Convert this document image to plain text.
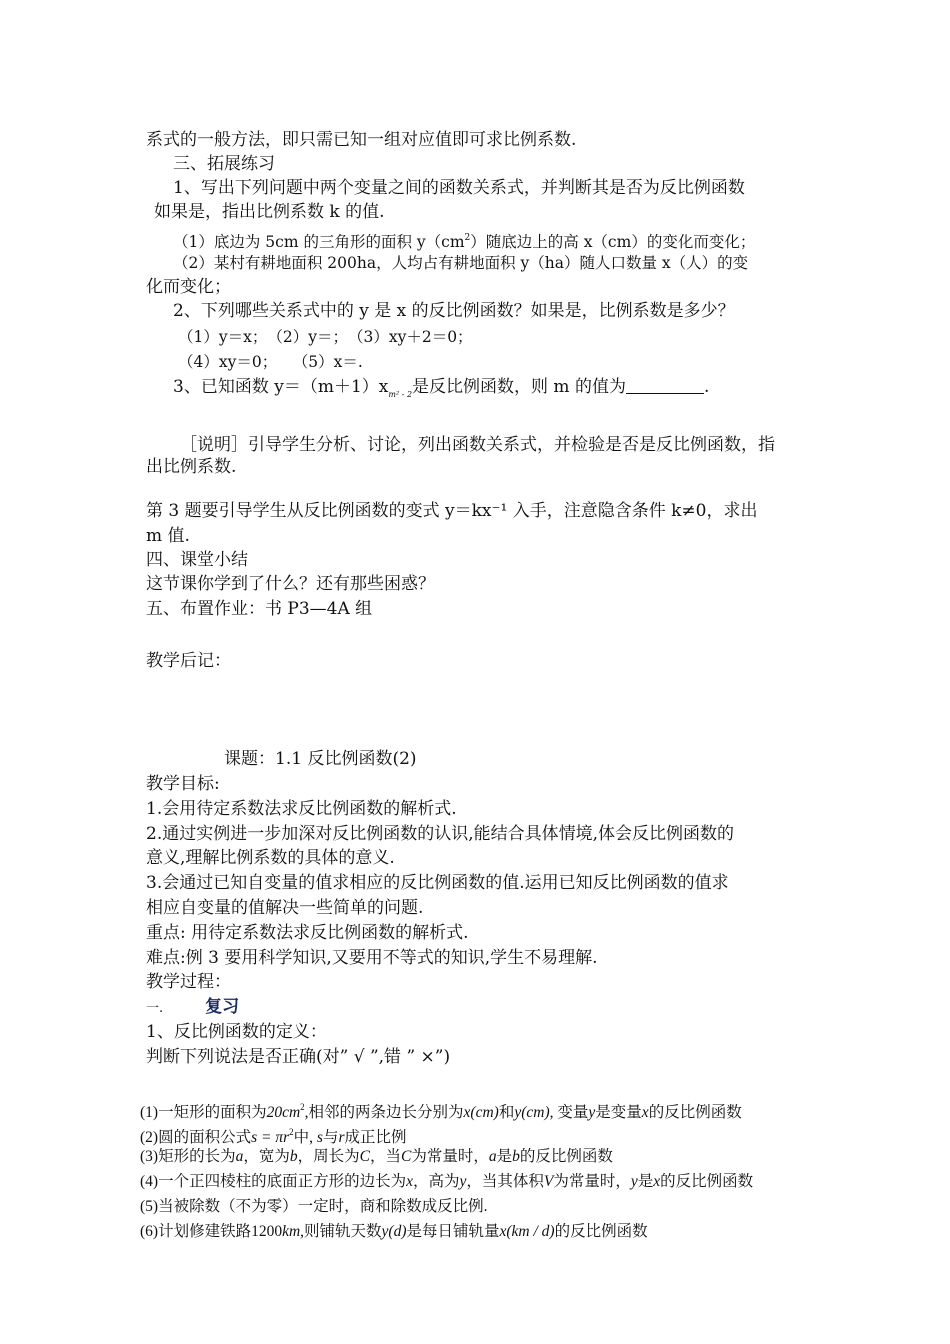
系式的一般方法，即只需已知一组对应值即可求比例系数.
三、拓展练习
1、写出下列问题中两个变量之间的函数关系式，并判断其是否为反比例函数
如果是，指出比例系数 k 的值.
（1）底边为 5cm 的三角形的面积 $y(cm^2)$随底边上的高 x（cm）的变化而变化；
（2）某村有耕地面积 200ha，人均占有耕地面积 y（ha）随人口数量 x（人）的变
化而变化；
2、下列哪些关系式中的 y 是 x 的反比例函数？如果是，比例系数是多少？
（1）y＝x；　（2）y＝；　（3）xy＋2＝0；
（4）xy＝0；　　（5）x＝.
3、已知函数 $y=(m+1)x_{m^2 - 2}$是反比例函数，则 m 的值为	.
［说明］引导学生分析、讨论，列出函数关系式，并检验是否是反比例函数，指
出比例系数.
第 3 题要引导学生从反比例函数的变式 y＝kx⁻¹ 入手，注意隐含条件 k≠0，求出
m 值.
四、课堂小结
这节课你学到了什么？还有那些困惑？
五、布置作业：书 P3—4A 组
教学后记：
课题：1.1 反比例函数(2)
教学目标:
1.会用待定系数法求反比例函数的解析式.
2.通过实例进一步加深对反比例函数的认识,能结合具体情境,体会反比例函数的
意义,理解比例系数的具体的意义.
3.会通过已知自变量的值求相应的反比例函数的值.运用已知反比例函数的值求
相应自变量的值解决一些简单的问题.
重点: 用待定系数法求反比例函数的解析式.
难点:例 3 要用科学知识,又要用不等式的知识,学生不易理解.
教学过程：
一. 复习
1、反比例函数的定义：
判断下列说法是否正确(对” √ ”,错 ” ×”)
(1)一矩形的面积为$20cm^2$,相邻的两条边长分别为x(cm)和y(cm), 变量y是变量x的反比例函数
(2)圆的面积公式$s = \pi r^2$中, s与r成正比例
(3)矩形的长为a，宽为b，周长为C，当C为常量时，a是b的反比例函数
(4)一个正四棱柱的底面正方形的边长为x，高为y，当其体积V为常量时，y是x的反比例函数
(5)当被除数（不为零）一定时，商和除数成反比例.
(6)计划修建铁路1200km,则铺轨天数y(d)是每日铺轨量x(km / d)的反比例函数
